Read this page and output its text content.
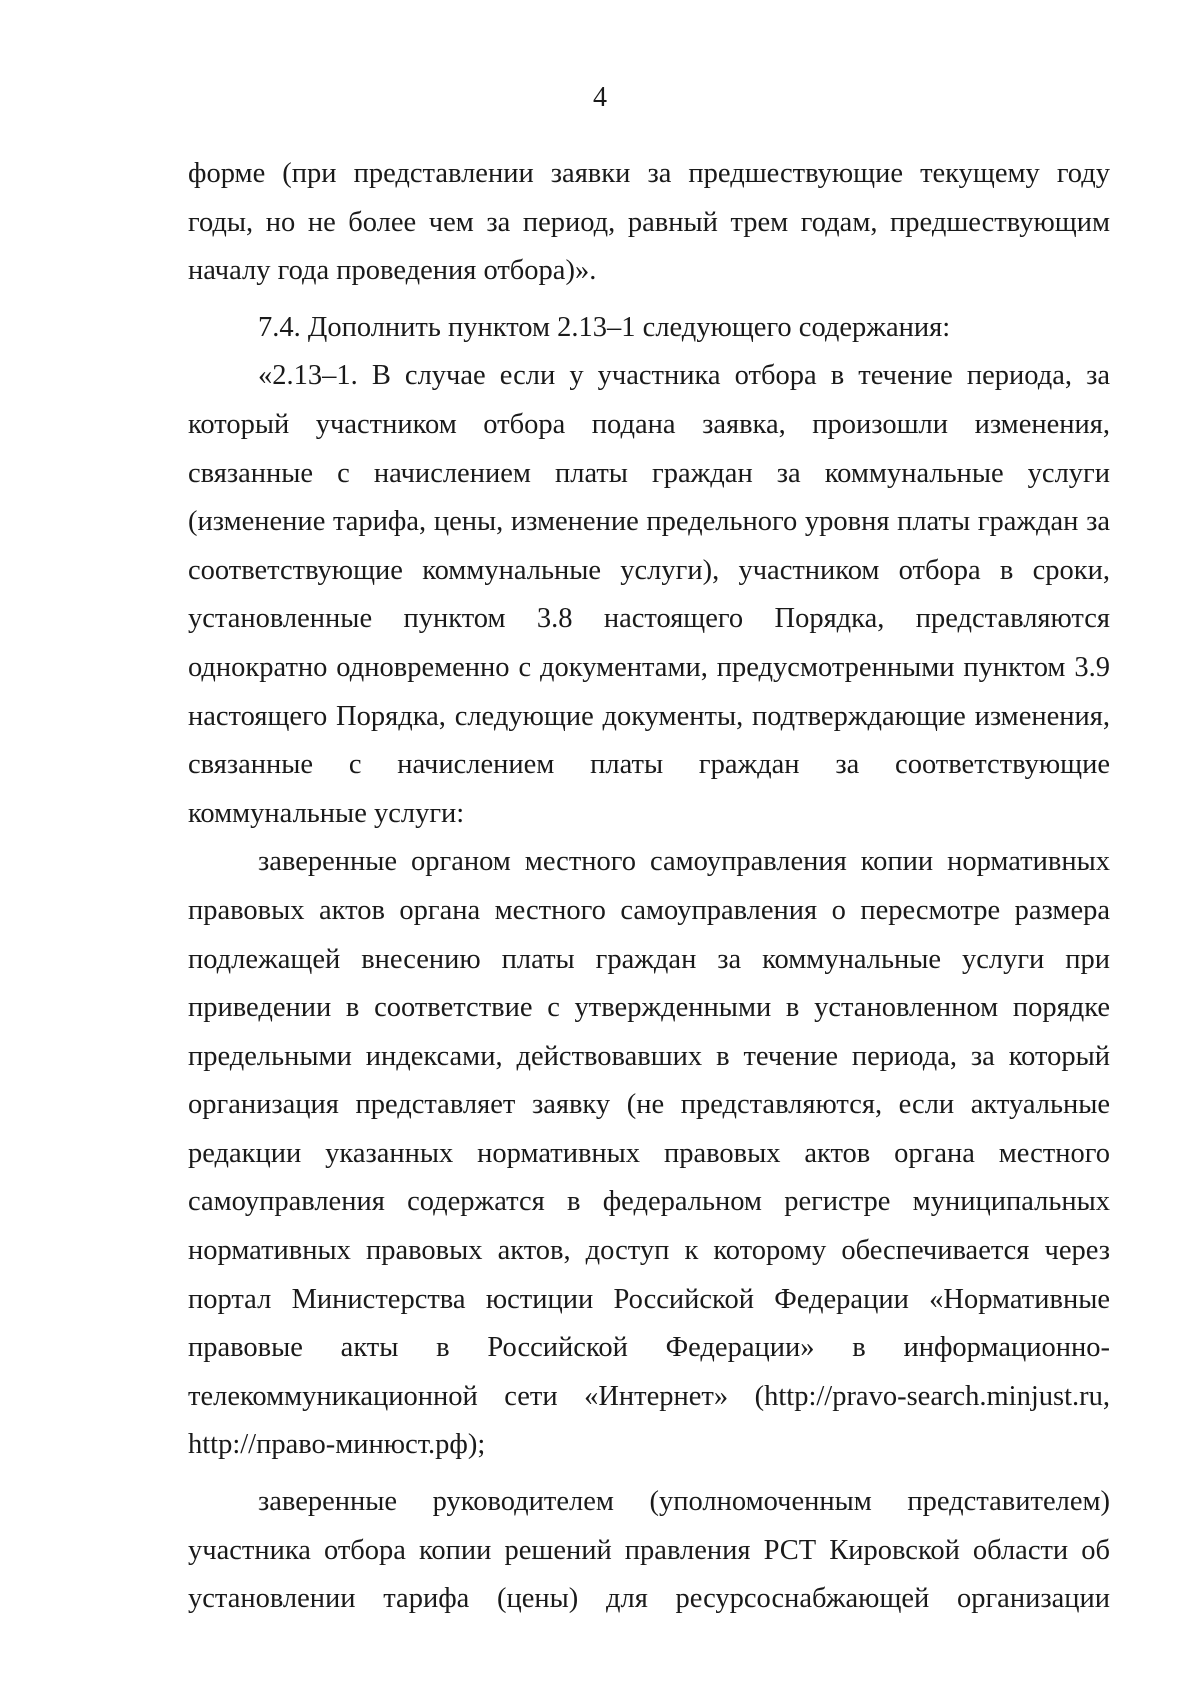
4

форме (при представлении заявки за предшествующие текущему году годы, но не более чем за период, равный трем годам, предшествующим началу года проведения отбора)».

7.4. Дополнить пунктом 2.13–1 следующего содержания:

«2.13–1. В случае если у участника отбора в течение периода, за который участником отбора подана заявка, произошли изменения, связанные с начислением платы граждан за коммунальные услуги (изменение тарифа, цены, изменение предельного уровня платы граждан за соответствующие коммунальные услуги), участником отбора в сроки, установленные пунктом 3.8 настоящего Порядка, представляются однократно одновременно с документами, предусмотренными пунктом 3.9 настоящего Порядка, следующие документы, подтверждающие изменения, связанные с начислением платы граждан за соответствующие коммунальные услуги:

заверенные органом местного самоуправления копии нормативных правовых актов органа местного самоуправления о пересмотре размера подлежащей внесению платы граждан за коммунальные услуги при приведении в соответствие с утвержденными в установленном порядке предельными индексами, действовавших в течение периода, за который организация представляет заявку (не представляются, если актуальные редакции указанных нормативных правовых актов органа местного самоуправления содержатся в федеральном регистре муниципальных нормативных правовых актов, доступ к которому обеспечивается через портал Министерства юстиции Российской Федерации «Нормативные правовые акты в Российской Федерации» в информационно-телекоммуникационной сети «Интернет» (http://pravo-search.minjust.ru, http://право-минюст.рф);

заверенные руководителем (уполномоченным представителем) участника отбора копии решений правления РСТ Кировской области об установлении тарифа (цены) для ресурсоснабжающей организации
